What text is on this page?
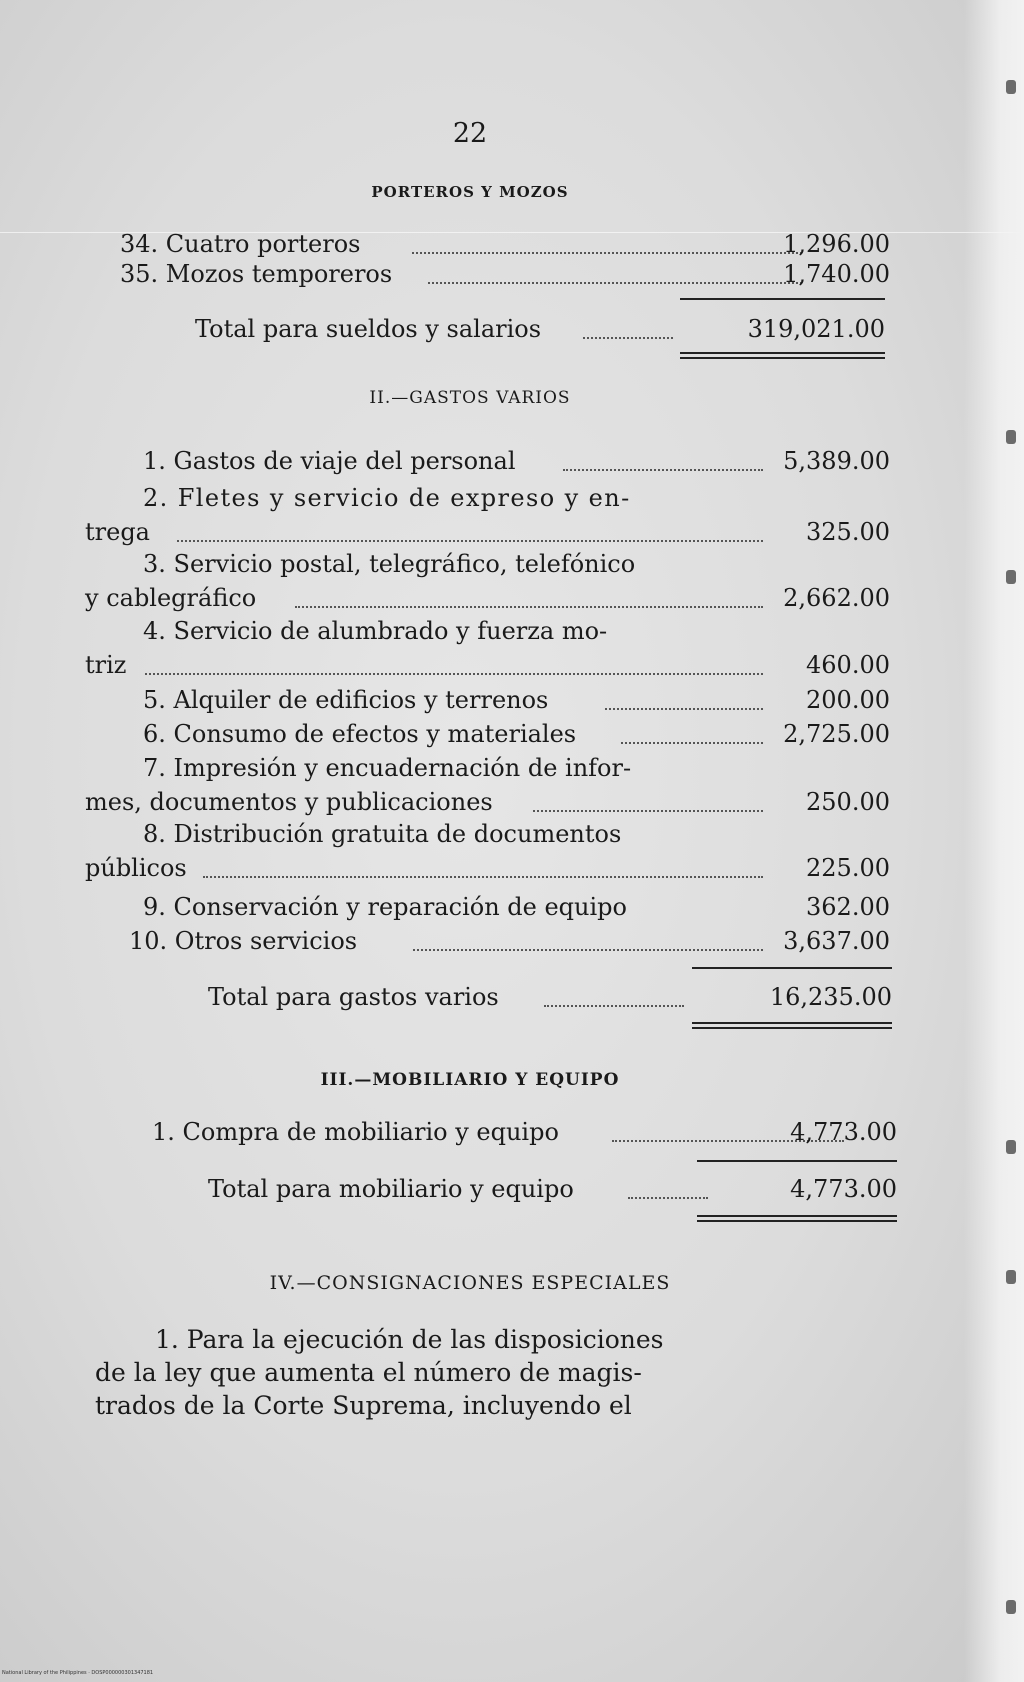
22
PORTEROS Y MOZOS
34. Cuatro porteros	1,296.00
35. Mozos temporeros	1,740.00
Total para sueldos y salarios	319,021.00
II.—GASTOS VARIOS
1. Gastos de viaje del personal	5,389.00
2. Fletes y servicio de expreso y en-
trega	325.00
3. Servicio postal, telegráfico, telefónico
y cablegráfico	2,662.00
4. Servicio de alumbrado y fuerza mo-
triz	460.00
5. Alquiler de edificios y terrenos	200.00
6. Consumo de efectos y materiales	2,725.00
7. Impresión y encuadernación de infor-
mes, documentos y publicaciones	250.00
8. Distribución gratuita de documentos
públicos	225.00
9. Conservación y reparación de equipo	362.00
10. Otros servicios	3,637.00
Total para gastos varios	16,235.00
III.—MOBILIARIO Y EQUIPO
1. Compra de mobiliario y equipo	4,773.00
Total para mobiliario y equipo	4,773.00
IV.—CONSIGNACIONES ESPECIALES
1. Para la ejecución de las disposiciones
de la ley que aumenta el número de magis-
trados de la Corte Suprema, incluyendo el
National Library of the Philippines · DOSP000000301347181
